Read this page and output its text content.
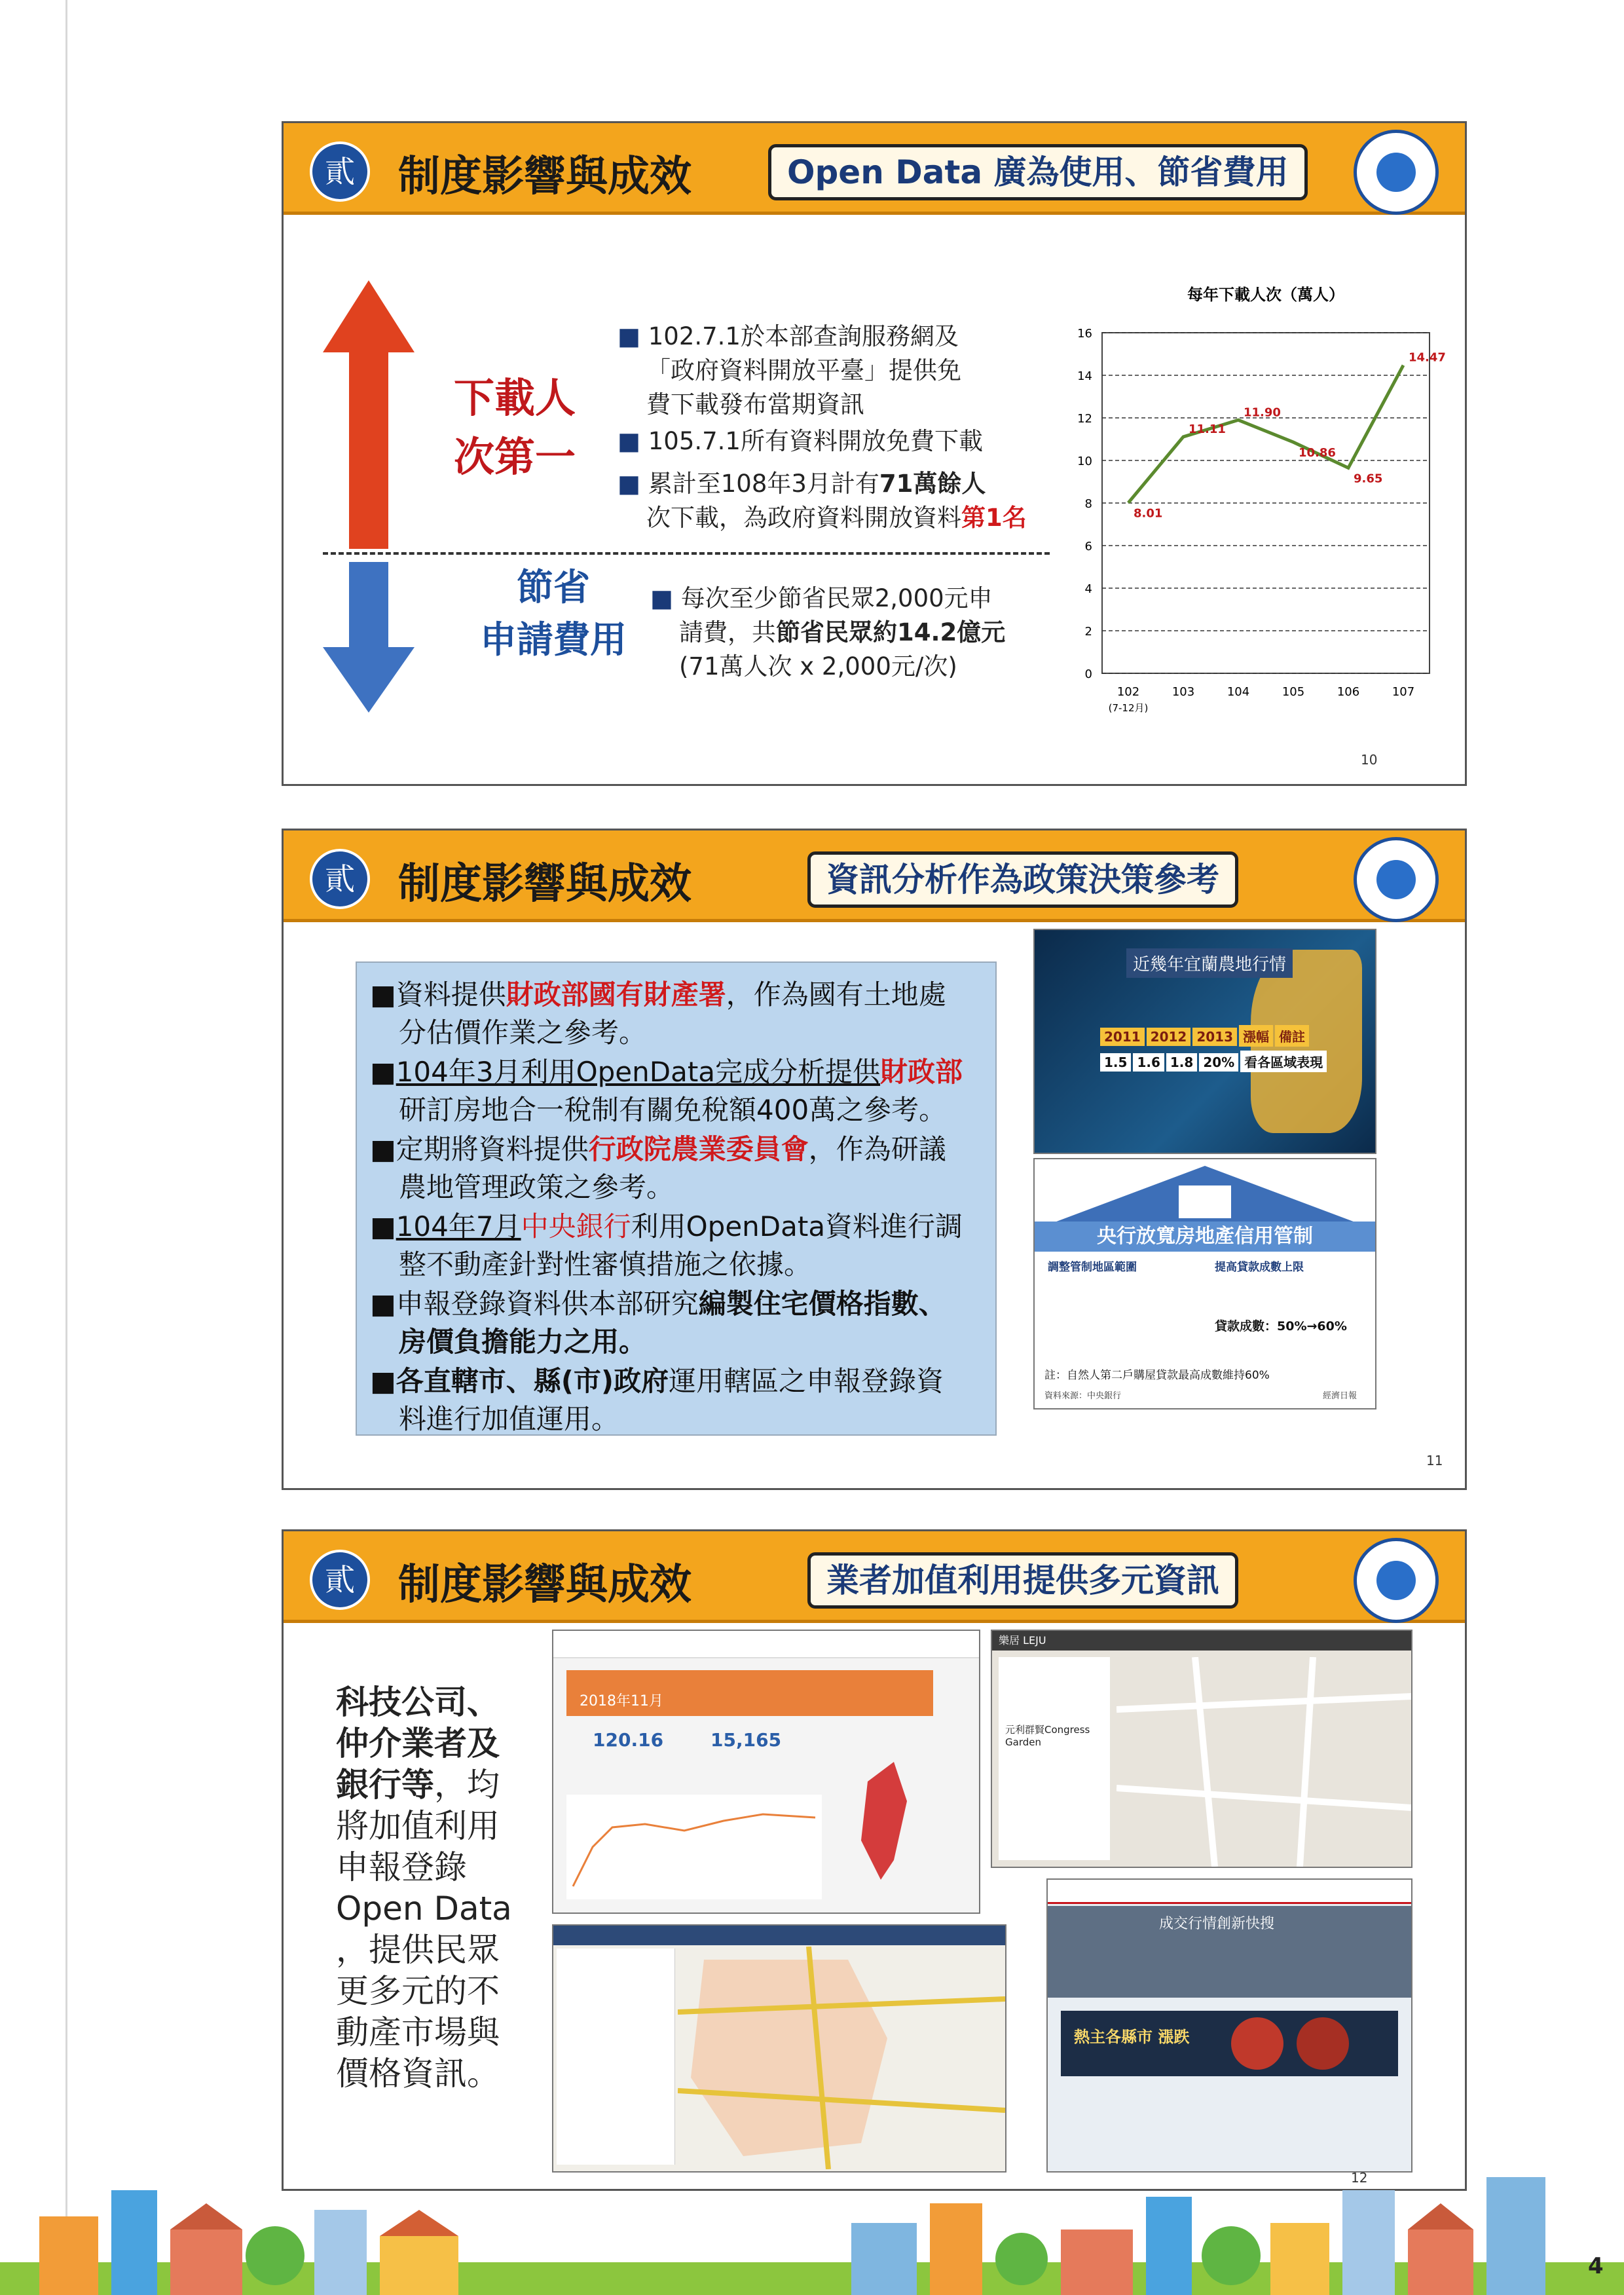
貳	制度影響與成效	Open Data 廣為使用、節省費用
下載人
次第一
節省
申請費用
■ 102.7.1於本部查詢服務網及
「政府資料開放平臺」提供免
費下載發布當期資訊
■ 105.7.1所有資料開放免費下載
■ 累計至108年3月計有71萬餘人
次下載，為政府資料開放資料第1名
■ 每次至少節省民眾2,000元申
請費，共節省民眾約14.2億元
(71萬人次 x 2,000元/次)
每年下載人次（萬人）
0
2
4
6
8
10
12
14
16
8.01
102
11.11
103
11.90
104
10.86
105
9.65
106
14.47
107
(7-12月)
10
貳	制度影響與成效	資訊分析作為政策決策參考
■資料提供財政部國有財產署，作為國有土地處
分估價作業之參考。
■104年3月利用OpenData完成分析提供財政部
研訂房地合一稅制有關免稅額400萬之參考。
■定期將資料提供行政院農業委員會，作為研議
農地管理政策之參考。
■104年7月中央銀行利用OpenData資料進行調
整不動產針對性審慎措施之依據。
■申報登錄資料供本部研究編製住宅價格指數、
房價負擔能力之用。
■各直轄市、縣(市)政府運用轄區之申報登錄資
料進行加值運用。
近幾年宜蘭農地行情
2011 2012 2013 漲幅 備註
1.5 1.6 1.8 20% 看各區域表現
央行放寬房地產信用管制
調整管制地區範圍	提高貸款成數上限
貸款成數：50%→60%
註：自然人第二戶購屋貸款最高成數維持60%
資料來源：中央銀行	經濟日報
11
貳	制度影響與成效	業者加值利用提供多元資訊
科技公司、
仲介業者及
銀行等，均
將加值利用
申報登錄
Open Data
，提供民眾
更多元的不
動產市場與
價格資訊。
2018年11月
120.16	15,165
樂居 LEJU
元利群賢Congress Garden
成交行情創新快搜
熱主各縣市 漲跌
12
4
